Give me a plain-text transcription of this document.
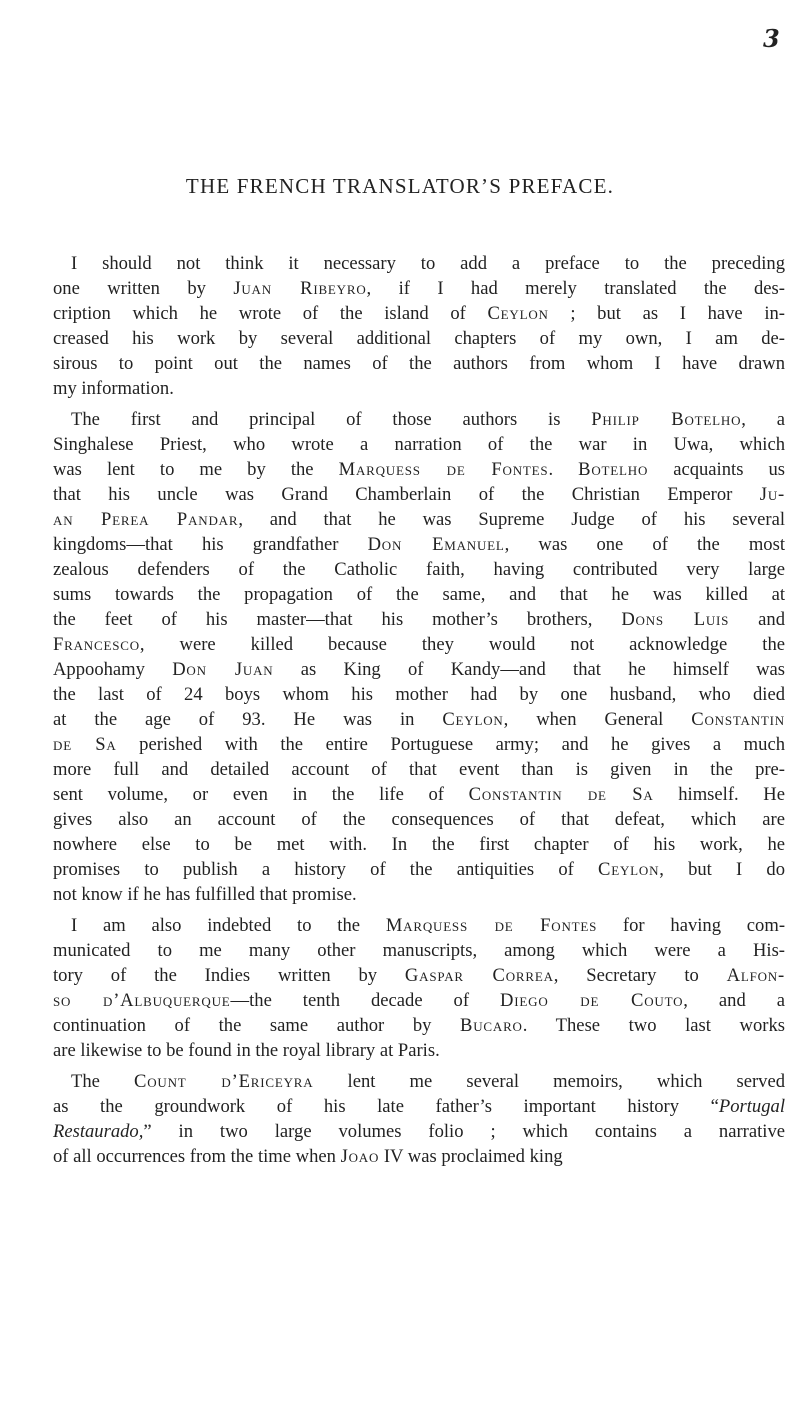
3
THE FRENCH TRANSLATOR’S PREFACE.
I should not think it necessary to add a preface to the preceding
one written by Juan Ribeyro, if I had merely translated the des-
cription which he wrote of the island of Ceylon ; but as I have in-
creased his work by several additional chapters of my own, I am de-
sirous to point out the names of the authors from whom I have drawn
my information.
The first and principal of those authors is Philip Botelho, a
Singhalese Priest, who wrote a narration of the war in Uwa, which
was lent to me by the Marquess de Fontes. Botelho acquaints us
that his uncle was Grand Chamberlain of the Christian Emperor Ju-
an Perea Pandar, and that he was Supreme Judge of his several
kingdoms—that his grandfather Don Emanuel, was one of the most
zealous defenders of the Catholic faith, having contributed very large
sums towards the propagation of the same, and that he was killed at
the feet of his master—that his mother’s brothers, Dons Luis and
Francesco, were killed because they would not acknowledge the
Appoohamy Don Juan as King of Kandy—and that he himself was
the last of 24 boys whom his mother had by one husband, who died
at the age of 93. He was in Ceylon, when General Constantin
de Sa perished with the entire Portuguese army; and he gives a much
more full and detailed account of that event than is given in the pre-
sent volume, or even in the life of Constantin de Sa himself. He
gives also an account of the consequences of that defeat, which are
nowhere else to be met with. In the first chapter of his work, he
promises to publish a history of the antiquities of Ceylon, but I do
not know if he has fulfilled that promise.
I am also indebted to the Marquess de Fontes for having com-
municated to me many other manuscripts, among which were a His-
tory of the Indies written by Gaspar Correa, Secretary to Alfon-
so d’Albuquerque—the tenth decade of Diego de Couto, and a
continuation of the same author by Bucaro. These two last works
are likewise to be found in the royal library at Paris.
The Count d’Ericeyra lent me several memoirs, which served
as the groundwork of his late father’s important history “Portugal
Restaurado,” in two large volumes folio ; which contains a narrative
of all occurrences from the time when Joao IV was proclaimed king
